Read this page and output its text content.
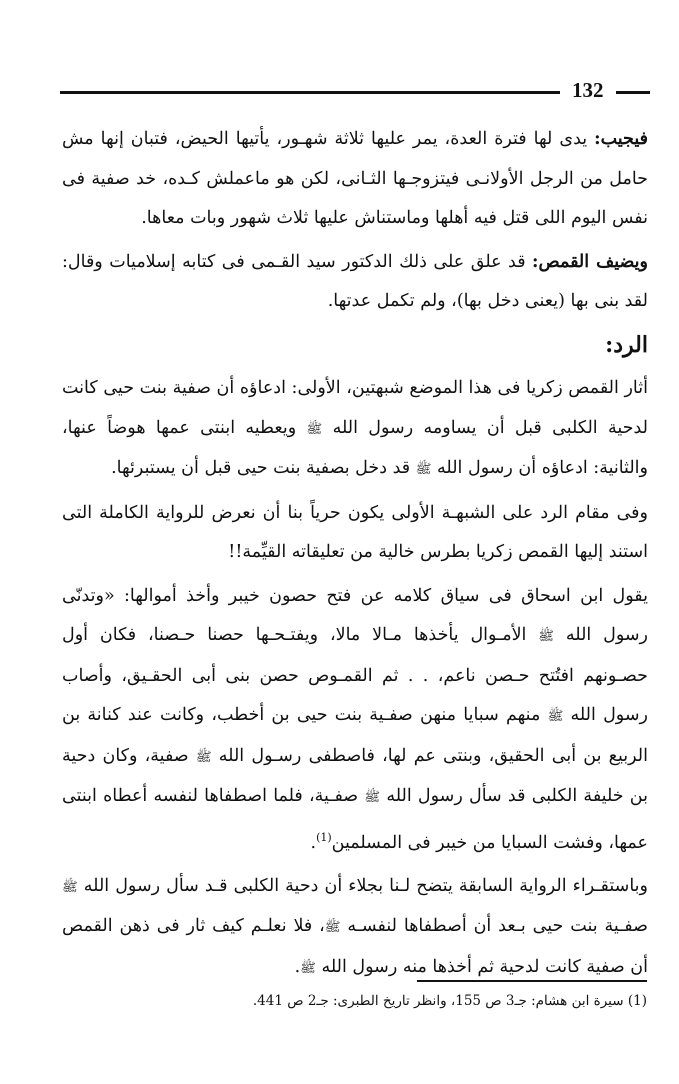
132

فيجيب: يدى لها فترة العدة، يمر عليها ثلاثة شهـور، يأتيها الحيض، فتبان إنها مش حامل من الرجل الأولانـى فيتزوجـها الثـانى، لكن هو ماعملش كـده، خد صفية فى نفس اليوم اللى قتل فيه أهلها وماستناش عليها ثلاث شهور وبات معاها.

ويضيف القمص: قد علق على ذلك الدكتور سيد القـمى فى كتابه إسلاميات وقال: لقد بنى بها (يعنى دخل بها)، ولم تكمل عدتها.

الرد:

أثار القمص زكريا فى هذا الموضع شبهتين، الأولى: ادعاؤه أن صفية بنت حيى كانت لدحية الكلبى قبل أن يساومه رسول الله ﷺ ويعطيه ابنتى عمها هوضاً عنها، والثانية: ادعاؤه أن رسول الله ﷺ قد دخل بصفية بنت حيى قبل أن يستبرئها.

وفى مقام الرد على الشبهـة الأولى يكون حرياً بنا أن نعرض للرواية الكاملة التى استند إليها القمص زكريا بطرس خالية من تعليقاته القيِّمة!!

يقول ابن اسحاق فى سياق كلامه عن فتح حصون خيبر وأخذ أموالها: «وتدنّى رسول الله ﷺ الأمـوال يأخذها مـالا مالا، ويفتـحـها حصنا حـصنا، فكان أول حصـونهم افتُتح حـصن ناعم، . . ثم القمـوص حصن بنى أبى الحقـيق، وأصاب رسول الله ﷺ منهم سبايا منهن صفـية بنت حيى بن أخطب، وكانت عند كنانة بن الربيع بن أبى الحقيق، وبنتى عم لها، فاصطفى رسـول الله ﷺ صفية، وكان دحية بن خليفة الكلبى قد سأل رسول الله ﷺ صفـية، فلما اصطفاها لنفسه أعطاه ابنتى عمها، وفشت السبايا من خيبر فى المسلمين$^{(1)}$.

وباستقـراء الرواية السابقة يتضح لـنا بجلاء أن دحية الكلبى قـد سأل رسول الله ﷺ صفـية بنت حيى بـعد أن أصطفاها لنفسـه ﷺ، فلا نعلـم كيف ثار فى ذهن القمص أن صفية كانت لدحية ثم أخذها منه رسول الله ﷺ.

(1) سيرة ابن هشام: جـ3 ص 155، وانظر تاريخ الطبرى: جـ2 ص 441.
